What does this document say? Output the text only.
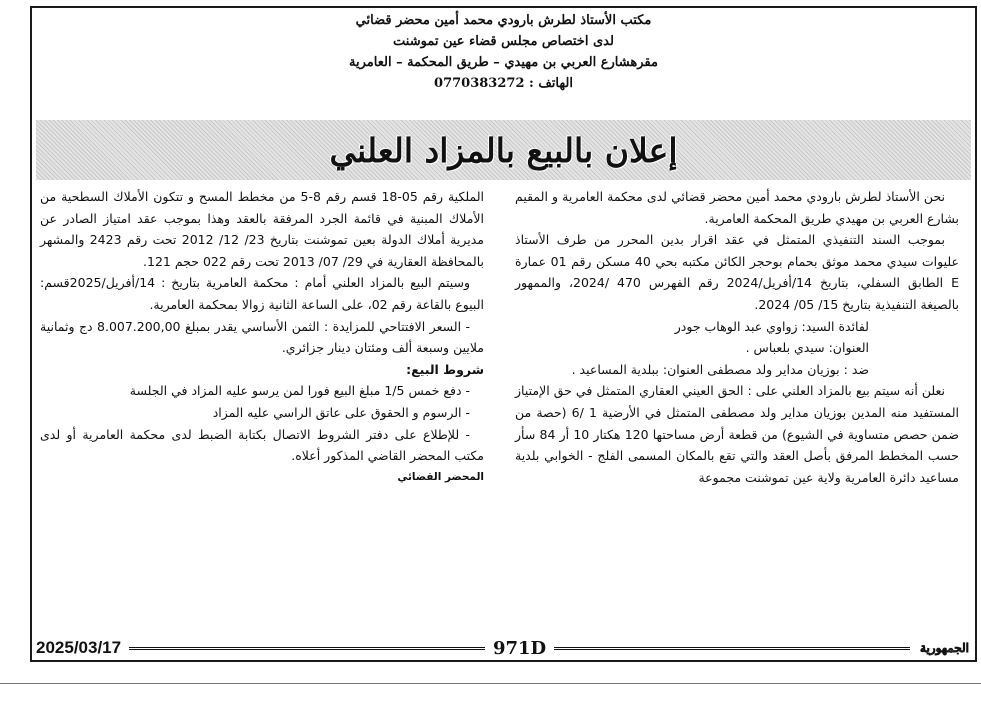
مكتب الأستاذ لطرش بارودي محمد أمين محضر قضائي
لدى اختصاص مجلس قضاء عين تموشنت
مقرهشارع العربي بن مهيدي – طريق المحكمة – العامرية
الهاتف : 0770383272
إعلان بالبيع بالمزاد العلني

نحن الأستاذ لطرش بارودي محمد أمين محضر قضائي لدى محكمة العامرية و المقيم بشارع العربي بن مهيدي طريق المحكمة العامرية.

بموجب السند التنفيذي المتمثل في عقد اقرار بدين المحرر من طرف الأستاذ عليوات سيدي محمد موثق بحمام بوحجر الكائن مكتبه بحي 40 مسكن رقم 01 عمارة E الطابق السفلي، بتاريخ 14/أفريل/2024 رقم الفهرس 470 /2024، والممهور بالصيغة التنفيذية بتاريخ 15/ 05/ 2024.

لفائدة السيد: زواوي عبد الوهاب جودر

العنوان: سيدي بلعباس .

ضد : بوزيان مداير ولد مصطفى العنوان: ببلدية المساعيد .

نعلن أنه سيتم بيع بالمزاد العلني على : الحق العيني العقاري المتمثل في حق الإمتياز المستفيد منه المدين بوزيان مداير ولد مصطفى المتمثل في الأرضية 1 /6 (حصة من ضمن حصص متساوية في الشيوع) من قطعة أرض مساحتها 120 هكتار 10 أر 84 سأر حسب المخطط المرفق بأصل العقد والتي تقع بالمكان المسمى الفلج - الخوابي بلدية مساعيد دائرة العامرية ولاية عين تموشنت مجموعة

الملكية رقم 05-18 قسم رقم 8-5 من مخطط المسح و تتكون الأملاك السطحية من الأملاك المبنية في قائمة الجرد المرفقة بالعقد وهذا بموجب عقد امتياز الصادر عن مديرية أملاك الدولة بعين تموشنت بتاريخ 23/ 12/ 2012 تحت رقم 2423 والمشهر بالمحافظة العقارية في 29/ 07/ 2013 تحت رقم 022 حجم 121.

وسيتم البيع بالمزاد العلني أمام : محكمة العامرية بتاريخ : 14/أفريل/2025قسم: البيوع بالقاعة رقم 02، على الساعة الثانية زوالا بمحكمة العامرية.

- السعر الافتتاحي للمزايدة : الثمن الأساسي يقدر بمبلغ 8.007.200,00 دج وثمانية ملايين وسبعة ألف ومئتان دينار جزائري.

شروط البيع:

- دفع خمس 1/5 مبلغ البيع فورا لمن يرسو عليه المزاد في الجلسة

- الرسوم و الحقوق على عاتق الراسي عليه المزاد

- للإطلاع على دفتر الشروط الاتصال بكتابة الضبط لدى محكمة العامرية أو لدى مكتب المحضر القاضي المذكور أعلاه.

المحضر القضائي

2025/03/17	971D	الجمهورية
